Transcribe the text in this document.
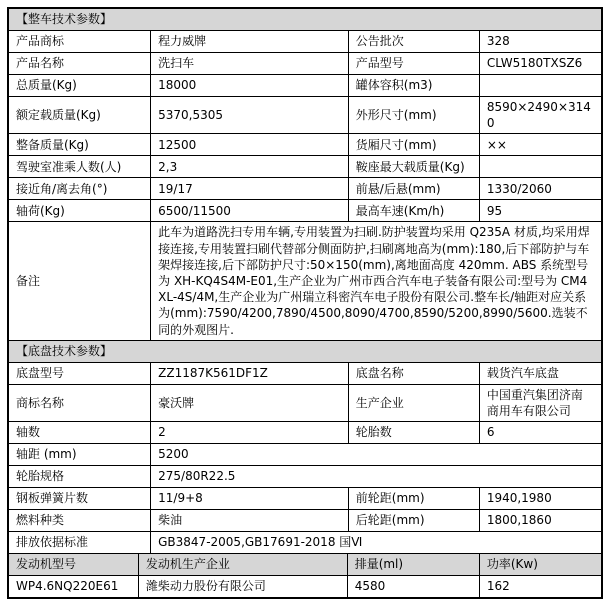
【整车技术参数】			
产品商标	程力威牌	公告批次	328
产品名称	洗扫车	产品型号	CLW5180TXSZ6
总质量(Kg)	18000	罐体容积(m3)	
额定载质量(Kg)	5370,5305	外形尺寸(mm)	8590×2490×3140
整备质量(Kg)	12500	货厢尺寸(mm)	××
驾驶室准乘人数(人)	2,3	鞍座最大载质量(Kg)	
接近角/离去角(°)	19/17	前悬/后悬(mm)	1330/2060
轴荷(Kg)	6500/11500	最高车速(Km/h)	95
备注	此车为道路洗扫专用车辆,专用装置为扫刷.防护装置均采用 Q235A 材质,均采用焊接连接,专用装置扫刷代替部分侧面防护,扫刷离地高为(mm):180,后下部防护与车架焊接连接,后下部防护尺寸:50×150(mm),离地面高度 420mm. ABS 系统型号为 XH-KQ4S4M-E01,生产企业为广州市西合汽车电子装备有限公司:型号为 CM4XL-4S/4M,生产企业为广州瑞立科密汽车电子股份有限公司.整车长/轴距对应关系为(mm):7590/4200,7890/4500,8090/4700,8590/5200,8990/5600.选装不同的外观图片.		
【底盘技术参数】			
底盘型号	ZZ1187K561DF1Z	底盘名称	载货汽车底盘
商标名称	豪沃牌	生产企业	中国重汽集团济南商用车有限公司
轴数	2	轮胎数	6
轴距 (mm)	5200		
轮胎规格	275/80R22.5		
钢板弹簧片数	11/9+8	前轮距(mm)	1940,1980
燃料种类	柴油	后轮距(mm)	1800,1860
排放依据标准	GB3847-2005,GB17691-2018 国Ⅵ		
发动机型号	发动机生产企业	排量(ml)	功率(Kw)
WP4.6NQ220E61	潍柴动力股份有限公司	4580	162
